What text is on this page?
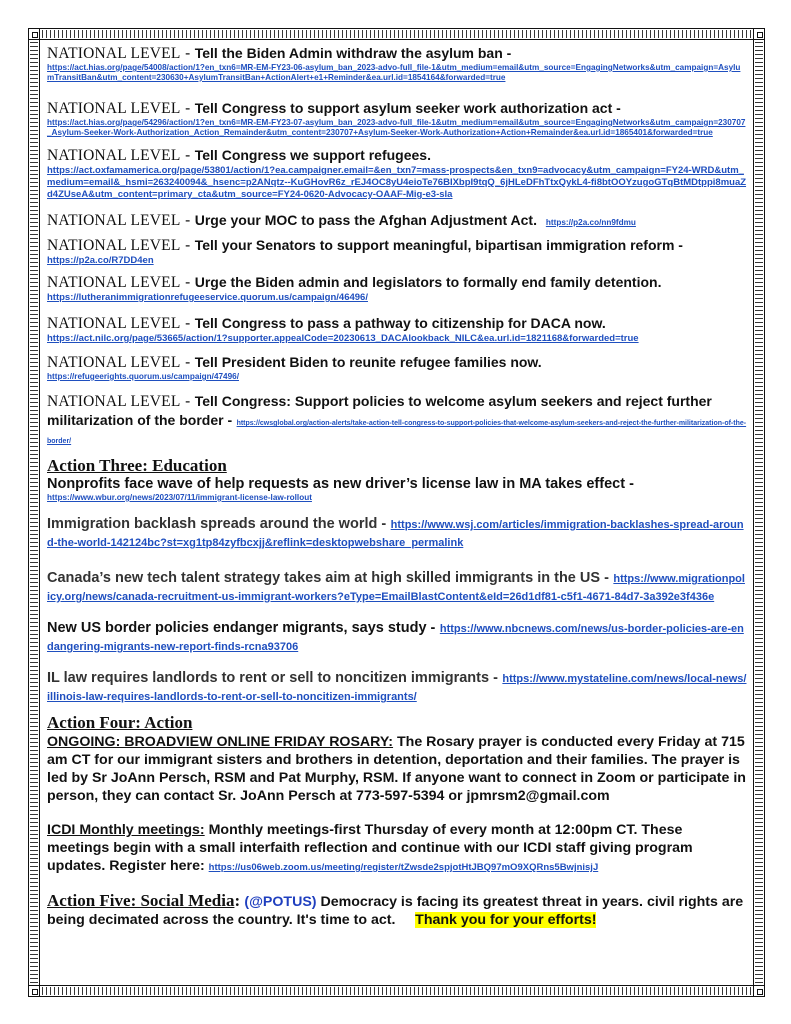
NATIONAL LEVEL - Tell the Biden Admin withdraw the asylum ban -
https://act.hias.org/page/54008/action/1?en_txn6=MR-EM-FY23-06-asylum_ban_2023-advo-full_file-1&utm_medium=email&utm_source=EngagingNetworks&utm_campaign=AsylumTransitBan&utm_content=230630+AsylumTransitBan+ActionAlert+e1+Reminder&ea.url.id=1854164&forwarded=true
NATIONAL LEVEL - Tell Congress to support asylum seeker work authorization act -
https://act.hias.org/page/54296/action/1?en_txn6=MR-EM-FY23-07-asylum_ban_2023-advo-full_file-1&utm_medium=email&utm_source=EngagingNetworks&utm_campaign=230707_Asylum-Seeker-Work-Authorization_Action_Remainder&utm_content=230707+Asylum-Seeker-Work-Authorization+Action+Remainder&ea.url.id=1865401&forwarded=true
NATIONAL LEVEL - Tell Congress we support refugees.
https://act.oxfamamerica.org/page/53801/action/1?ea.campaigner.email=&en_txn7=mass-prospects&en_txn9=advocacy&utm_campaign=FY24-WRD&utm_medium=email&_hsmi=263240094&_hsenc=p2ANqtz--KuGHovR6z_rEJ4OC8yU4eioTe76BIXbpI9tqQ_6jHLeDFhTtxQykL4-fi8btOOYzugoGTqBtMDtppi8muaZd4ZUseA&utm_content=primary_cta&utm_source=FY24-0620-Advocacy-OAAF-Mig-e3-sla
NATIONAL LEVEL - Urge your MOC to pass the Afghan Adjustment Act. https://p2a.co/nn9fdmu
NATIONAL LEVEL - Tell your Senators to support meaningful, bipartisan immigration reform -
https://p2a.co/R7DD4en
NATIONAL LEVEL - Urge the Biden admin and legislators to formally end family detention.
https://lutheranimmigrationrefugeeservice.quorum.us/campaign/46496/
NATIONAL LEVEL - Tell Congress to pass a pathway to citizenship for DACA now.
https://act.nilc.org/page/53665/action/1?supporter.appealCode=20230613_DACAlookback_NILC&ea.url.id=1821168&forwarded=true
NATIONAL LEVEL - Tell President Biden to reunite refugee families now.
https://refugeerights.quorum.us/campaign/47496/
NATIONAL LEVEL - Tell Congress: Support policies to welcome asylum seekers and reject further militarization of the border - https://cwsglobal.org/action-alerts/take-action-tell-congress-to-support-policies-that-welcome-asylum-seekers-and-reject-the-further-militarization-of-the-border/
Action Three: Education
Nonprofits face wave of help requests as new driver’s license law in MA takes effect -
https://www.wbur.org/news/2023/07/11/immigrant-license-law-rollout
Immigration backlash spreads around the world - https://www.wsj.com/articles/immigration-backlashes-spread-around-the-world-142124bc?st=xg1tp84zyfbcxjj&reflink=desktopwebshare_permalink
Canada’s new tech talent strategy takes aim at high skilled immigrants in the US - https://www.migrationpolicy.org/news/canada-recruitment-us-immigrant-workers?eType=EmailBlastContent&eId=26d1df81-c5f1-4671-84d7-3a392e3f436e
New US border policies endanger migrants, says study - https://www.nbcnews.com/news/us-border-policies-are-endangering-migrants-new-report-finds-rcna93706
IL law requires landlords to rent or sell to noncitizen immigrants - https://www.mystateline.com/news/local-news/illinois-law-requires-landlords-to-rent-or-sell-to-noncitizen-immigrants/
Action Four: Action
ONGOING: BROADVIEW ONLINE FRIDAY ROSARY: The Rosary prayer is conducted every Friday at 715 am CT for our immigrant sisters and brothers in detention, deportation and their families. The prayer is led by Sr JoAnn Persch, RSM and Pat Murphy, RSM. If anyone want to connect in Zoom or participate in person, they can contact Sr. JoAnn Persch at 773-597-5394 or jpmrsm2@gmail.com
ICDI Monthly meetings: Monthly meetings-first Thursday of every month at 12:00pm CT. These meetings begin with a small interfaith reflection and continue with our ICDI staff giving program updates. Register here: https://us06web.zoom.us/meeting/register/tZwsde2spjotHtJBQ97mO9XQRns5BwjnisjJ
Action Five: Social Media: (@POTUS) Democracy is facing its greatest threat in years. civil rights are being decimated across the country. It's time to act. Thank you for your efforts!
